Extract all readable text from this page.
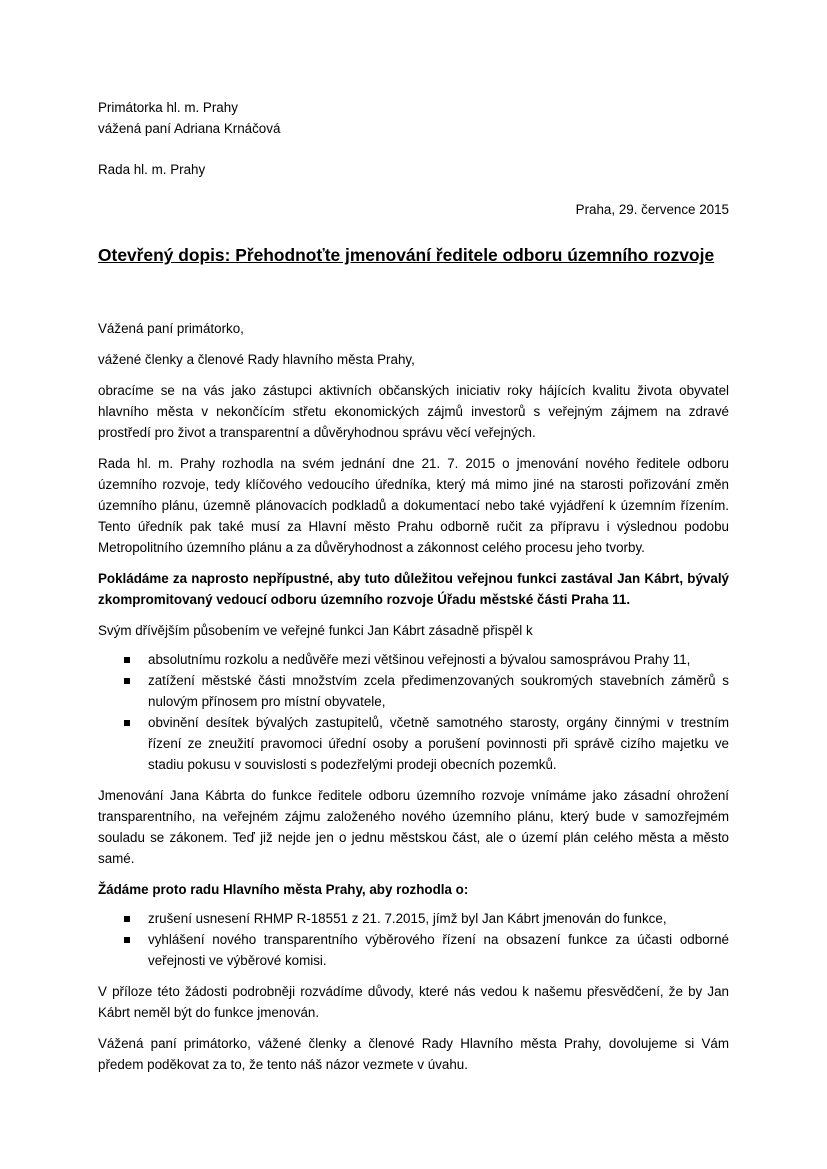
Primátorka hl. m. Prahy

vážená paní Adriana Krnáčová

Rada hl. m. Prahy

Praha, 29. července 2015

Otevřený dopis: Přehodnoťte jmenování ředitele odboru územního rozvoje

Vážená paní primátorko,

vážené členky a členové Rady hlavního města Prahy,

obracíme se na vás jako zástupci aktivních občanských iniciativ roky hájících kvalitu života obyvatel hlavního města v nekončícím střetu ekonomických zájmů investorů s veřejným zájmem na zdravé prostředí pro život a transparentní a důvěryhodnou správu věcí veřejných.

Rada hl. m. Prahy rozhodla na svém jednání dne 21. 7. 2015 o jmenování nového ředitele odboru územního rozvoje, tedy klíčového vedoucího úředníka, který má mimo jiné na starosti pořizování změn územního plánu, územně plánovacích podkladů a dokumentací nebo také vyjádření k územním řízením. Tento úředník pak také musí za Hlavní město Prahu odborně ručit za přípravu i výslednou podobu Metropolitního územního plánu a za důvěryhodnost a zákonnost celého procesu jeho tvorby.

Pokládáme za naprosto nepřípustné, aby tuto důležitou veřejnou funkci zastával Jan Kábrt, bývalý zkompromitovaný vedoucí odboru územního rozvoje Úřadu městské části Praha 11.

Svým dřívějším působením ve veřejné funkci Jan Kábrt zásadně přispěl k

absolutnímu rozkolu a nedůvěře mezi většinou veřejnosti a bývalou samosprávou Prahy 11,
zatížení městské části množstvím zcela předimenzovaných soukromých stavebních záměrů s nulovým přínosem pro místní obyvatele,
obvinění desítek bývalých zastupitelů, včetně samotného starosty, orgány činnými v trestním řízení ze zneužití pravomoci úřední osoby a porušení povinnosti při správě cizího majetku ve stadiu pokusu v souvislosti s podezřelými prodeji obecních pozemků.

Jmenování Jana Kábrta do funkce ředitele odboru územního rozvoje vnímáme jako zásadní ohrožení transparentního, na veřejném zájmu založeného nového územního plánu, který bude v samozřejmém souladu se zákonem. Teď již nejde jen o jednu městskou část, ale o území plán celého města a město samé.

Žádáme proto radu Hlavního města Prahy, aby rozhodla o:

zrušení usnesení RHMP R-18551 z 21. 7.2015, jímž byl Jan Kábrt jmenován do funkce,
vyhlášení nového transparentního výběrového řízení na obsazení funkce za účasti odborné veřejnosti ve výběrové komisi.

V příloze této žádosti podrobněji rozvádíme důvody, které nás vedou k našemu přesvědčení, že by Jan Kábrt neměl být do funkce jmenován.

Vážená paní primátorko, vážené členky a členové Rady Hlavního města Prahy, dovolujeme si Vám předem poděkovat za to, že tento náš názor vezmete v úvahu.
